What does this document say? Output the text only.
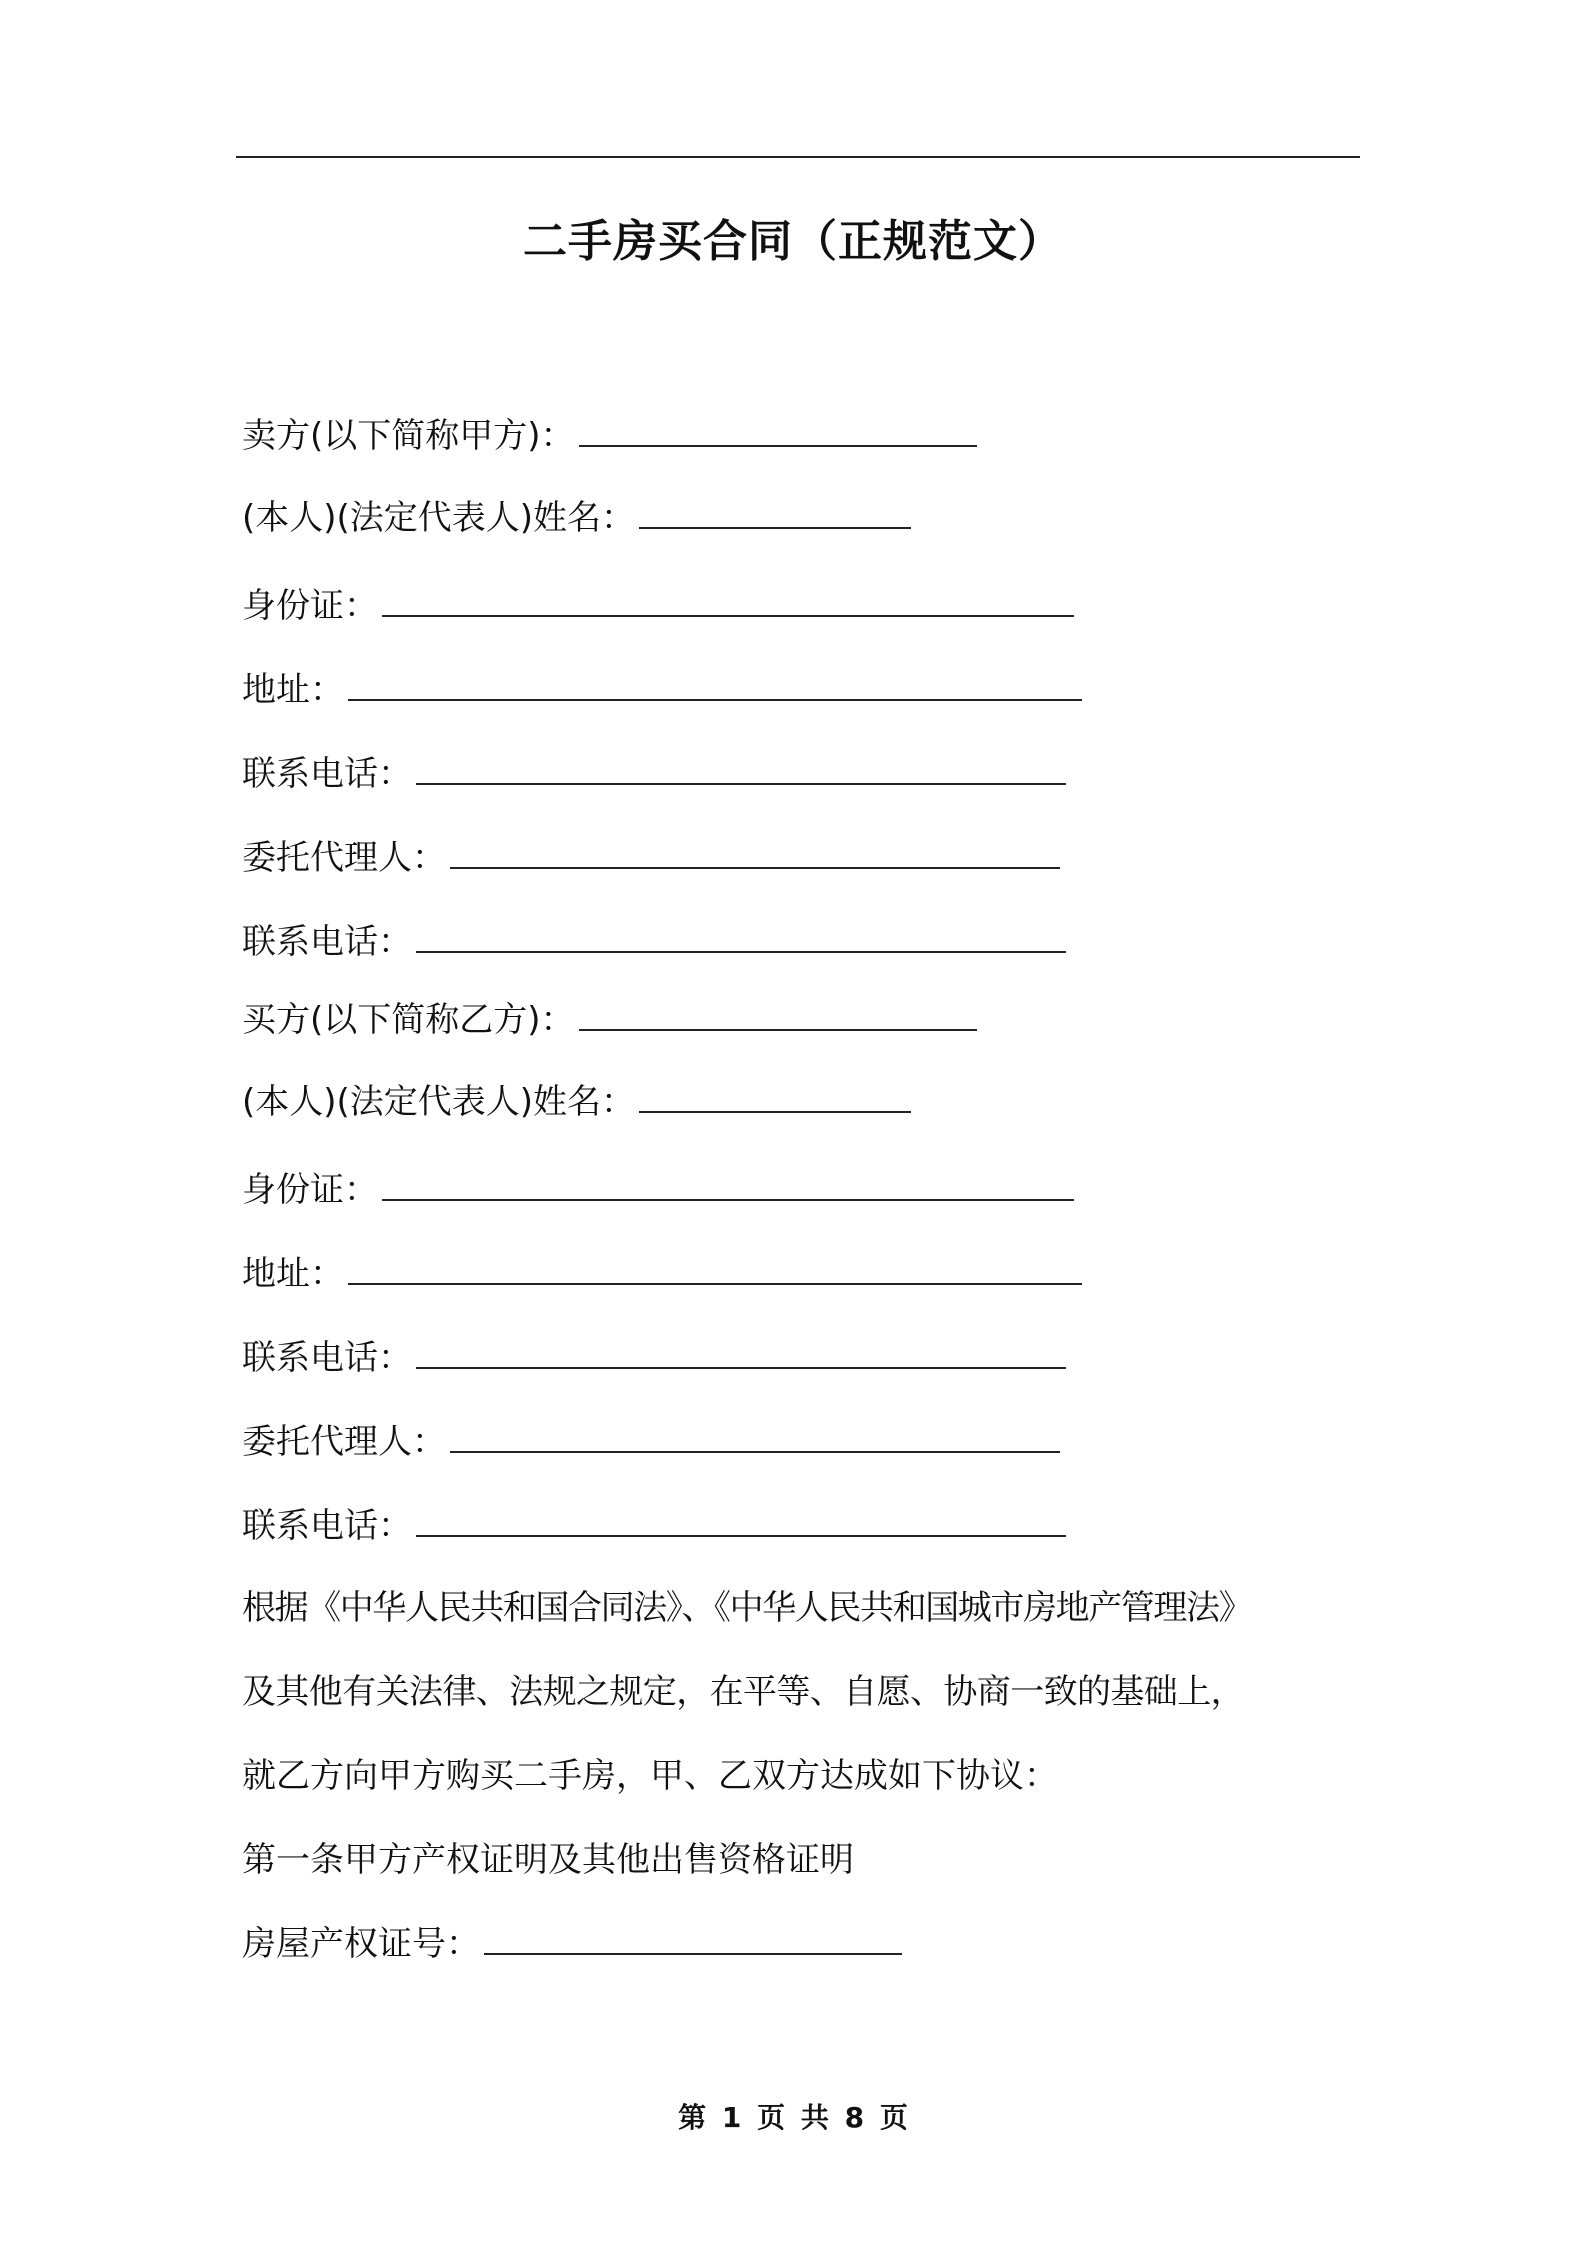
二手房买合同（正规范文）
卖方(以下简称甲方)：
(本人)(法定代表人)姓名：
身份证：
地址：
联系电话：
委托代理人：
联系电话：
买方(以下简称乙方)：
(本人)(法定代表人)姓名：
身份证：
地址：
联系电话：
委托代理人：
联系电话：
根据《中华人民共和国合同法》、《中华人民共和国城市房地产管理法》
及其他有关法律、法规之规定，在平等、自愿、协商一致的基础上，
就乙方向甲方购买二手房，甲、乙双方达成如下协议：
第一条甲方产权证明及其他出售资格证明
房屋产权证号：
第 1 页 共 8 页
